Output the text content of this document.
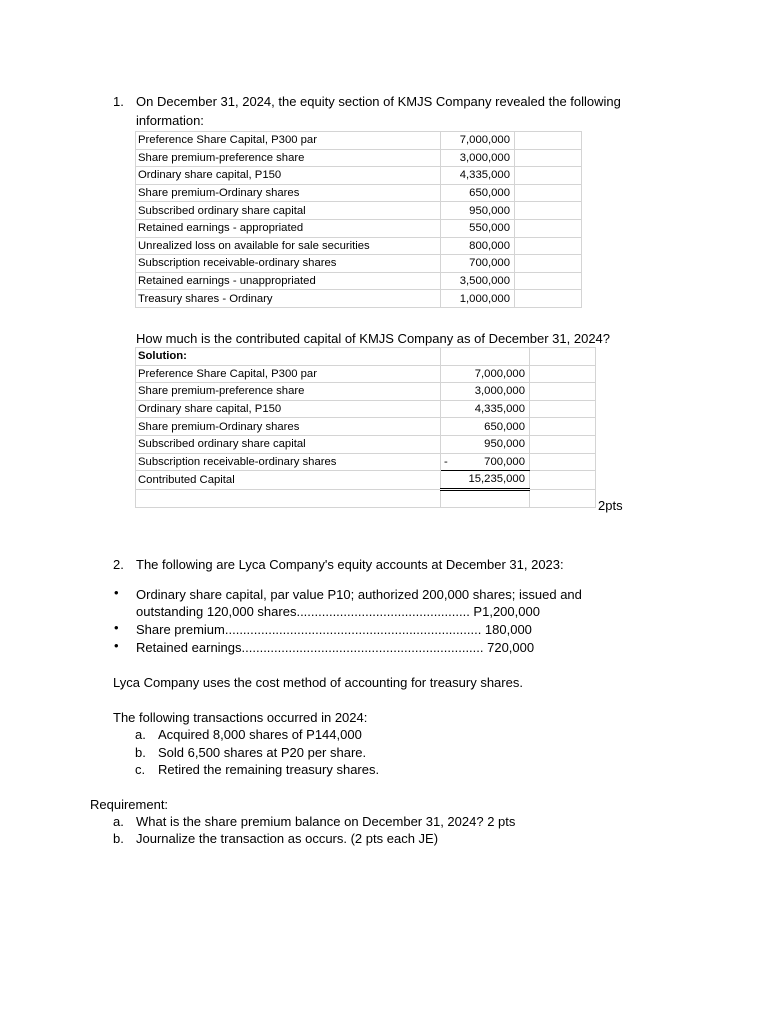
1. On December 31, 2024, the equity section of KMJS Company revealed the following
information:
Preference Share Capital, P300 par	7,000,000	
Share premium-preference share	3,000,000	
Ordinary share capital, P150	4,335,000	
Share premium-Ordinary shares	650,000	
Subscribed ordinary share capital	950,000	
Retained earnings - appropriated	550,000	
Unrealized loss on available for sale securities	800,000	
Subscription receivable-ordinary shares	700,000	
Retained earnings - unappropriated	3,500,000	
Treasury shares - Ordinary	1,000,000	
How much is the contributed capital of KMJS Company as of December 31, 2024?
Solution:		
Preference Share Capital, P300 par	7,000,000	
Share premium-preference share	3,000,000	
Ordinary share capital, P150	4,335,000	
Share premium-Ordinary shares	650,000	
Subscribed ordinary share capital	950,000	
Subscription receivable-ordinary shares	- 700,000	
Contributed Capital	15,235,000	

2pts
2. The following are Lyca Company's equity accounts at December 31, 2023:
• Ordinary share capital, par value P10; authorized 200,000 shares; issued and
outstanding 120,000 shares................................................ P1,200,000
• Share premium....................................................................... 180,000
• Retained earnings................................................................... 720,000
Lyca Company uses the cost method of accounting for treasury shares.
The following transactions occurred in 2024:
a. Acquired 8,000 shares of P144,000
b. Sold 6,500 shares at P20 per share.
c. Retired the remaining treasury shares.
Requirement:
a. What is the share premium balance on December 31, 2024? 2 pts
b. Journalize the transaction as occurs. (2 pts each JE)
